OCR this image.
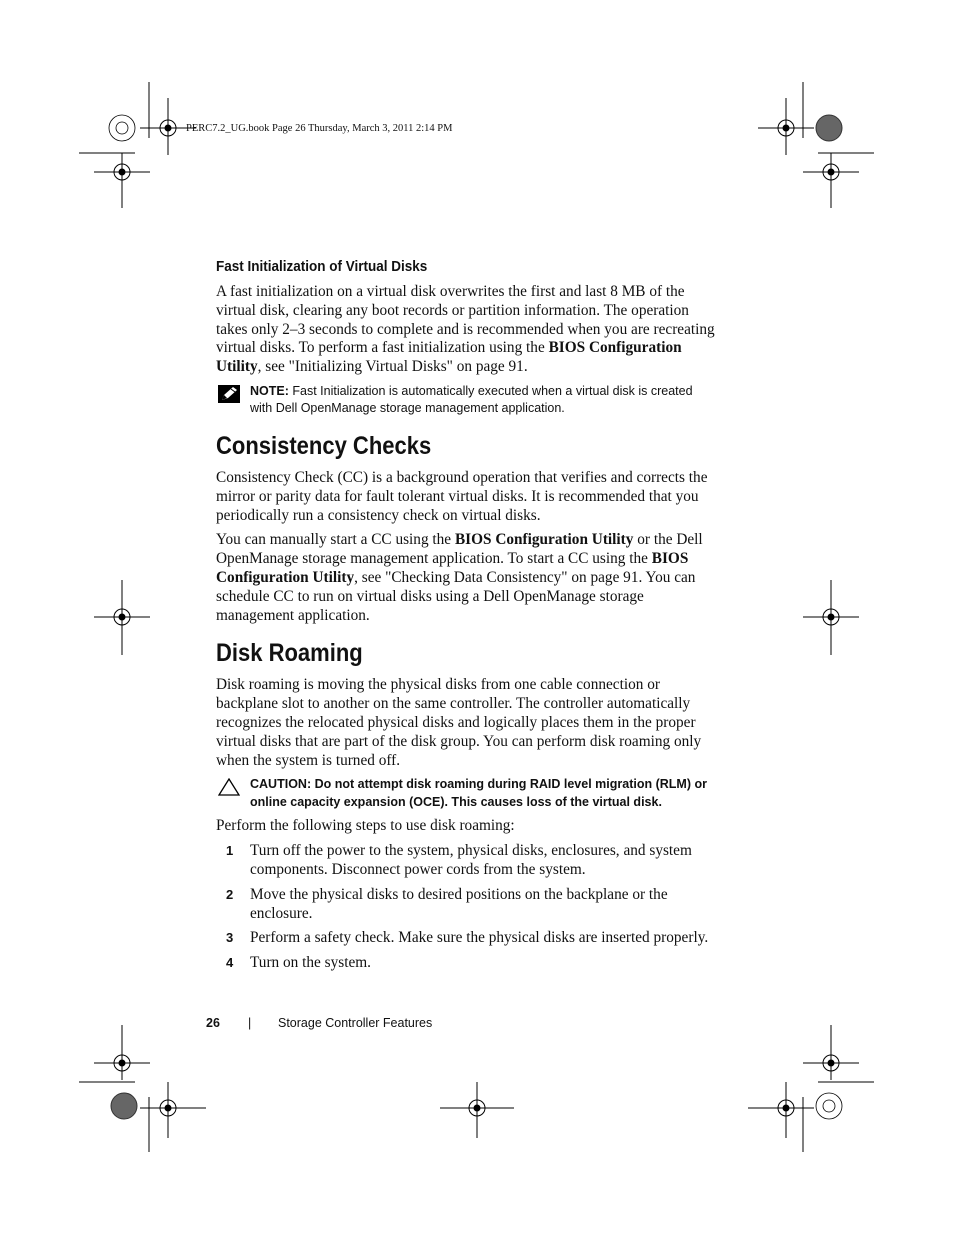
PERC7.2_UG.book Page 26 Thursday, March 3, 2011 2:14 PM
Fast Initialization of Virtual Disks

A fast initialization on a virtual disk overwrites the first and last 8 MB of the virtual disk, clearing any boot records or partition information. The operation takes only 2–3 seconds to complete and is recommended when you are recreating virtual disks. To perform a fast initialization using the BIOS Configuration Utility, see "Initializing Virtual Disks" on page 91.

NOTE: Fast Initialization is automatically executed when a virtual disk is created with Dell OpenManage storage management application.
Consistency Checks

Consistency Check (CC) is a background operation that verifies and corrects the mirror or parity data for fault tolerant virtual disks. It is recommended that you periodically run a consistency check on virtual disks.

You can manually start a CC using the BIOS Configuration Utility or the Dell OpenManage storage management application. To start a CC using the BIOS Configuration Utility, see "Checking Data Consistency" on page 91. You can schedule CC to run on virtual disks using a Dell OpenManage storage management application.

Disk Roaming

Disk roaming is moving the physical disks from one cable connection or backplane slot to another on the same controller. The controller automatically recognizes the relocated physical disks and logically places them in the proper virtual disks that are part of the disk group. You can perform disk roaming only when the system is turned off.

CAUTION: Do not attempt disk roaming during RAID level migration (RLM) or online capacity expansion (OCE). This causes loss of the virtual disk.

Perform the following steps to use disk roaming:

1 Turn off the power to the system, physical disks, enclosures, and system components. Disconnect power cords from the system.
2 Move the physical disks to desired positions on the backplane or the enclosure.
3 Perform a safety check. Make sure the physical disks are inserted properly.
4 Turn on the system.
26 | Storage Controller Features
